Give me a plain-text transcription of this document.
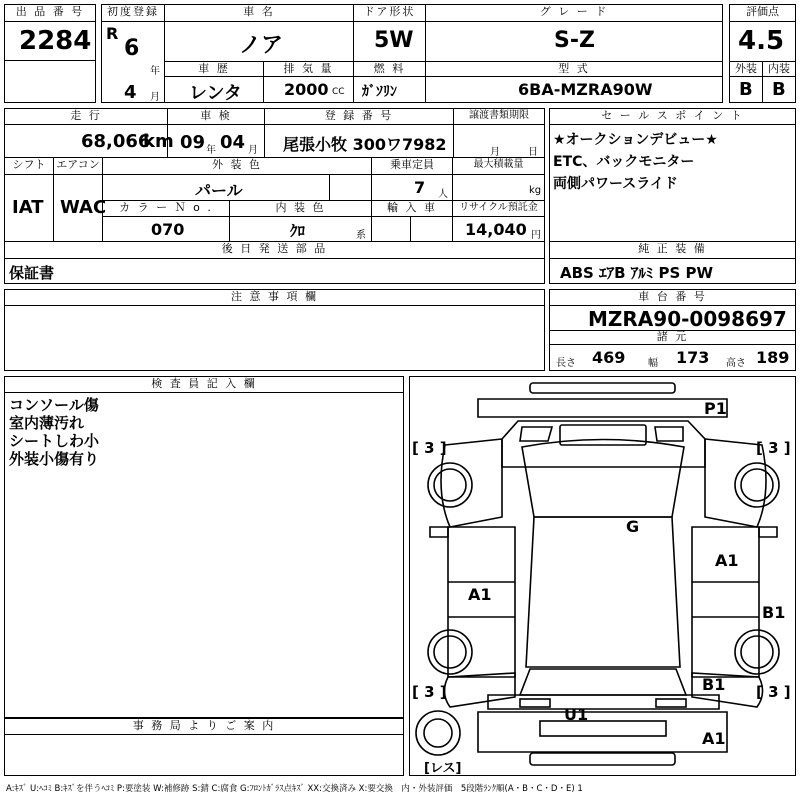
出 品 番 号
2284
初度登録
R
6
年
4 月
車 名
ノア
ドア形状
5W
グ レ ー ド
S-Z
車 歴
レンタ
排 気 量
2000 CC
燃 料
ｶﾞｿﾘﾝ
型 式
6BA-MZRA90W
評価点
4.5
外装	内装
B B
走 行
68,066
km
車 検
09 年 04 月
登 録 番 号
尾張小牧 300ワ7982
譲渡書類期限
月	日
シフト
IAT
エアコン
WAC
外 装 色
パール
乗車定員
7 人
最大積載量
kg
カ ラ ー Ｎ o .
070
内 装 色
ｸﾛ	系
輸 入 車	リサイクル預託金
14,040 円
セ ー ル ス ポ イ ン ト
★オークションデビュー★
ETC、バックモニター
両側パワースライド
後 日 発 送 部 品
保証書
純 正 装 備
ABS ｴｱB ｱﾙﾐ PS PW
注 意 事 項 欄	車 台 番 号
MZRA90-0098697
諸 元
長さ 469 幅 173 高さ 189
検 査 員 記 入 欄
コンソール傷
室内薄汚れ
シートしわ小
外装小傷有り
事 務 局 よ り ご 案 内
[ 3 ]	[ 3 ]
[ 3 ]	[ 3 ]
[レス]
P1
G
A1
A1
B1
B1
U1
A1
A:ｷｽﾞ U:ﾍｺﾐ B:ｷｽﾞを伴うﾍｺﾐ P:要塗装 W:補修跡 S:錆 C:腐食 G:ﾌﾛﾝﾄｶﾞﾗｽ点ｷｽﾞ XX:交換済み X:要交換　内・外装評価　5段階ﾗﾝｸ順(A・B・C・D・E) 1
